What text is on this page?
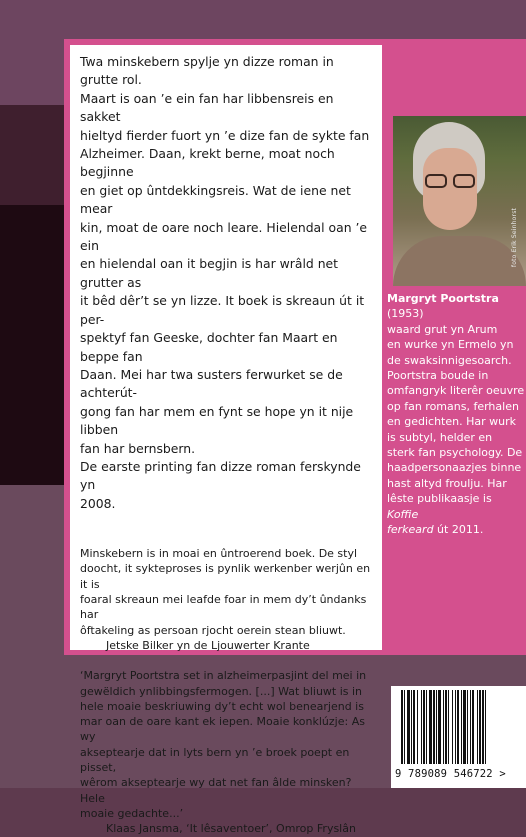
Twa minskebern spylje yn dizze roman in grutte rol.

Maart is oan ’e ein fan har libbensreis en sakket

hieltyd fierder fuort yn ’e dize fan de sykte fan

Alzheimer. Daan, krekt berne, moat noch begjinne

en giet op ûntdekkingsreis. Wat de iene net mear

kin, moat de oare noch leare. Hielendal oan ’e ein

en hielendal oan it begjin is har wrâld net grutter as

it bêd dêr’t se yn lizze. It boek is skreaun út it per-

spektyf fan Geeske, dochter fan Maart en beppe fan

Daan. Mei har twa susters ferwurket se de achterút-

gong fan har mem en fynt se hope yn it nije libben

fan har bernsbern.

De earste printing fan dizze roman ferskynde yn

2008.

Minskebern is in moai en ûntroerend boek. De styl

doocht, it sykteproses is pynlik werkenber werjûn en it is

foaral skreaun mei leafde foar in mem dy’t ûndanks har

ôftakeling as persoan rjocht oerein stean bliuwt.

Jetske Bilker yn de Ljouwerter Krante

‘Margryt Poortstra set in alzheimerpasjint del mei in

gewëldich ynlibbingsfermogen. [...] Wat bliuwt is in

hele moaie beskriuwing dy’t echt wol benearjend is

mar oan de oare kant ek iepen. Moaie konklúzje: As wy

akseptearje dat in lyts bern yn ’e broek poept en pisset,

wêrom akseptearje wy dat net fan âlde minsken? Hele

moaie gedachte...’

Klaas Jansma, ‘It lêsaventoer’, Omrop Fryslân

foto Erik Seinhorst
Margryt Poortstra (1953)
waard grut yn Arum
en wurke yn Ermelo yn
de swaksinnigesoarch.
Poortstra boude in
omfangryk literêr oeuvre
op fan romans, ferhalen
en gedichten. Har wurk
is subtyl, helder en
sterk fan psychology. De
haadpersonaazjes binne
hast altyd froulju. Har
lêste publikaasje is Koffie
ferkeard út 2011.
9 789089 546722 >
